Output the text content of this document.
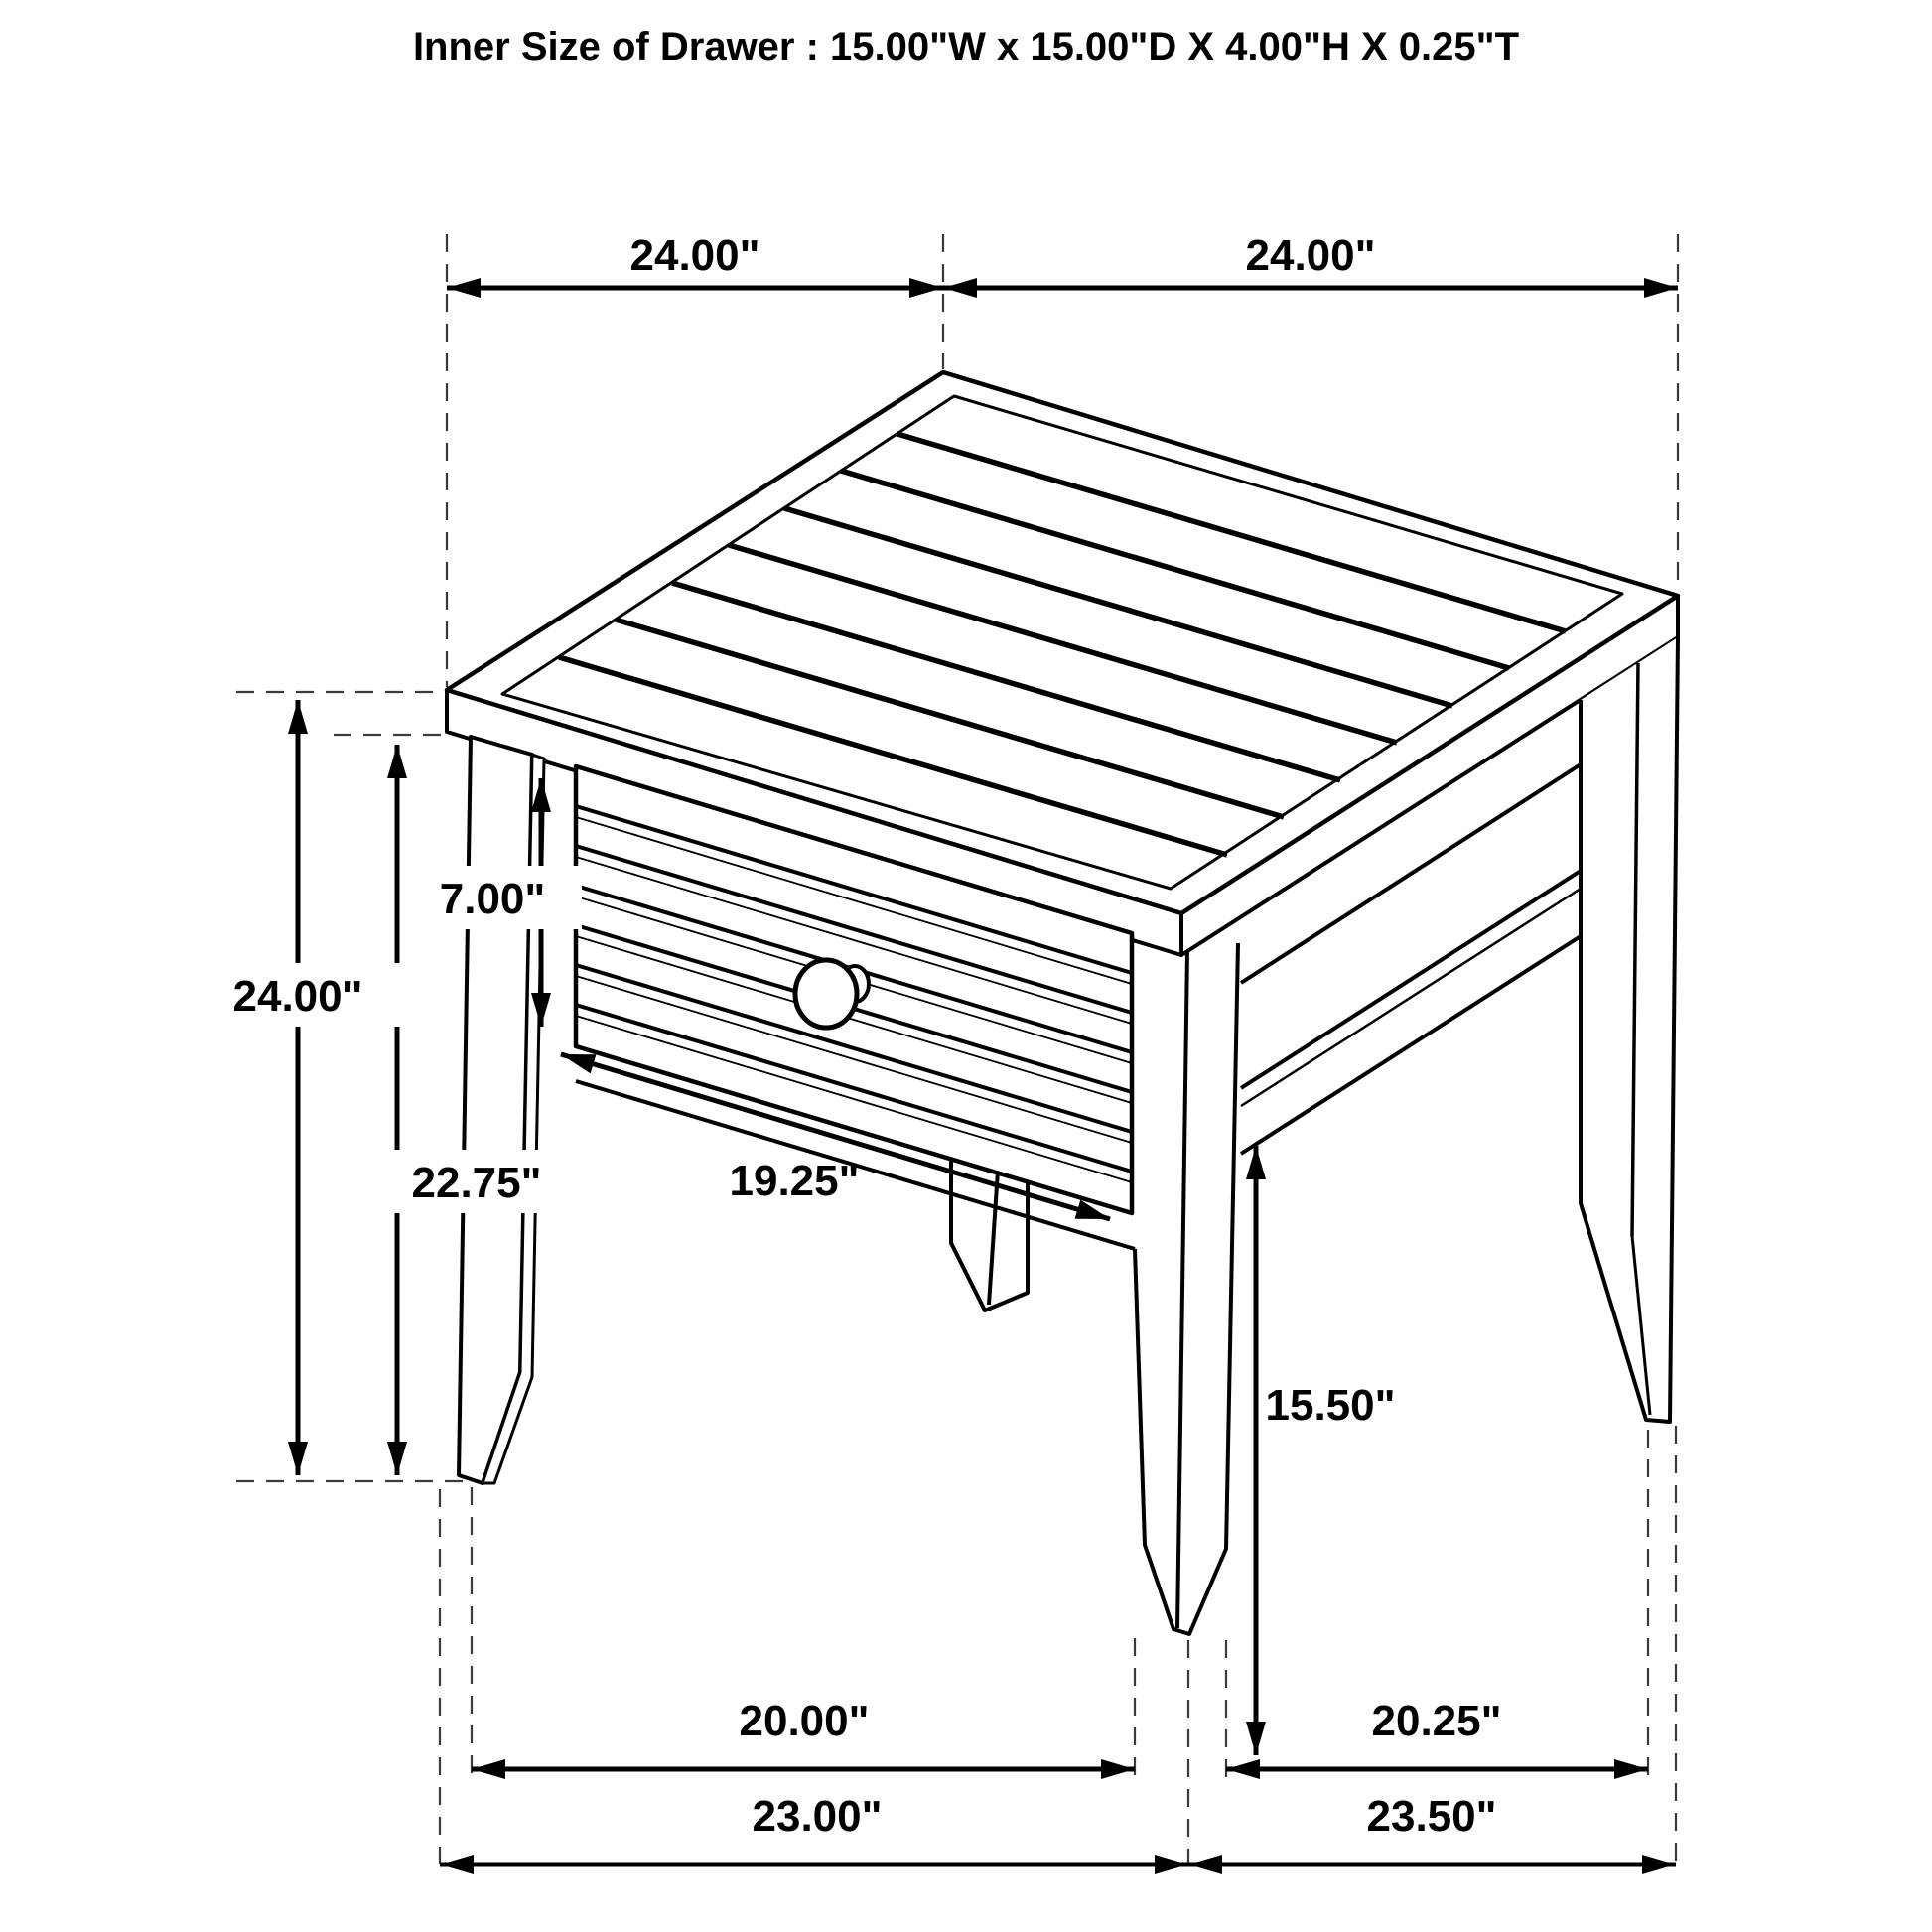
24.00"	24.00"
24.00"
22.75"
7.00"
19.25"
15.50"
20.00"	20.25"
23.00"	23.50"
Inner Size of Drawer : 15.00"W x 15.00"D X 4.00"H X 0.25"T
